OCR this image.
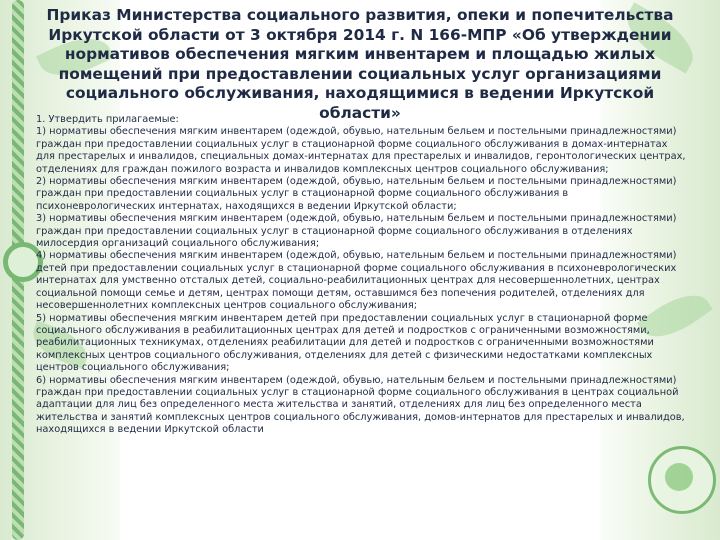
Приказ Министерства социального развития, опеки и попечительства Иркутской области от 3 октября 2014 г. N 166-МПР «Об утверждении нормативов обеспечения мягким инвентарем и площадью жилых помещений при предоставлении социальных услуг организациями социального обслуживания, находящимися в ведении Иркутской области»

1. Утвердить прилагаемые:

1) нормативы обеспечения мягким инвентарем (одеждой, обувью, нательным бельем и постельными принадлежностями) граждан при предоставлении социальных услуг в стационарной форме социального обслуживания в домах-интернатах для престарелых и инвалидов, специальных домах-интернатах для престарелых и инвалидов, геронтологических центрах, отделениях для граждан пожилого возраста и инвалидов комплексных центров социального обслуживания;

2) нормативы обеспечения мягким инвентарем (одеждой, обувью, нательным бельем и постельными принадлежностями) граждан при предоставлении социальных услуг в стационарной форме социального обслуживания в психоневрологических интернатах, находящихся в ведении Иркутской области;

3) нормативы обеспечения мягким инвентарем (одеждой, обувью, нательным бельем и постельными принадлежностями) граждан при предоставлении социальных услуг в стационарной форме социального обслуживания в отделениях милосердия организаций социального обслуживания;

4) нормативы обеспечения мягким инвентарем (одеждой, обувью, нательным бельем и постельными принадлежностями) детей при предоставлении социальных услуг в стационарной форме социального обслуживания в психоневрологических интернатах для умственно отсталых детей, социально-реабилитационных центрах для несовершеннолетних, центрах социальной помощи семье и детям, центрах помощи детям, оставшимся без попечения родителей, отделениях для несовершеннолетних комплексных центров социального обслуживания;

5) нормативы обеспечения мягким инвентарем детей при предоставлении социальных услуг в стационарной форме социального обслуживания в реабилитационных центрах для детей и подростков с ограниченными возможностями, реабилитационных техникумах, отделениях реабилитации для детей и подростков с ограниченными возможностями комплексных центров социального обслуживания, отделениях для детей с физическими недостатками комплексных центров социального обслуживания;

6) нормативы обеспечения мягким инвентарем (одеждой, обувью, нательным бельем и постельными принадлежностями) граждан при предоставлении социальных услуг в стационарной форме социального обслуживания в центрах социальной адаптации для лиц без определенного места жительства и занятий, отделениях для лиц без определенного места жительства и занятий комплексных центров социального обслуживания, домов-интернатов для престарелых и инвалидов, находящихся в ведении Иркутской области
